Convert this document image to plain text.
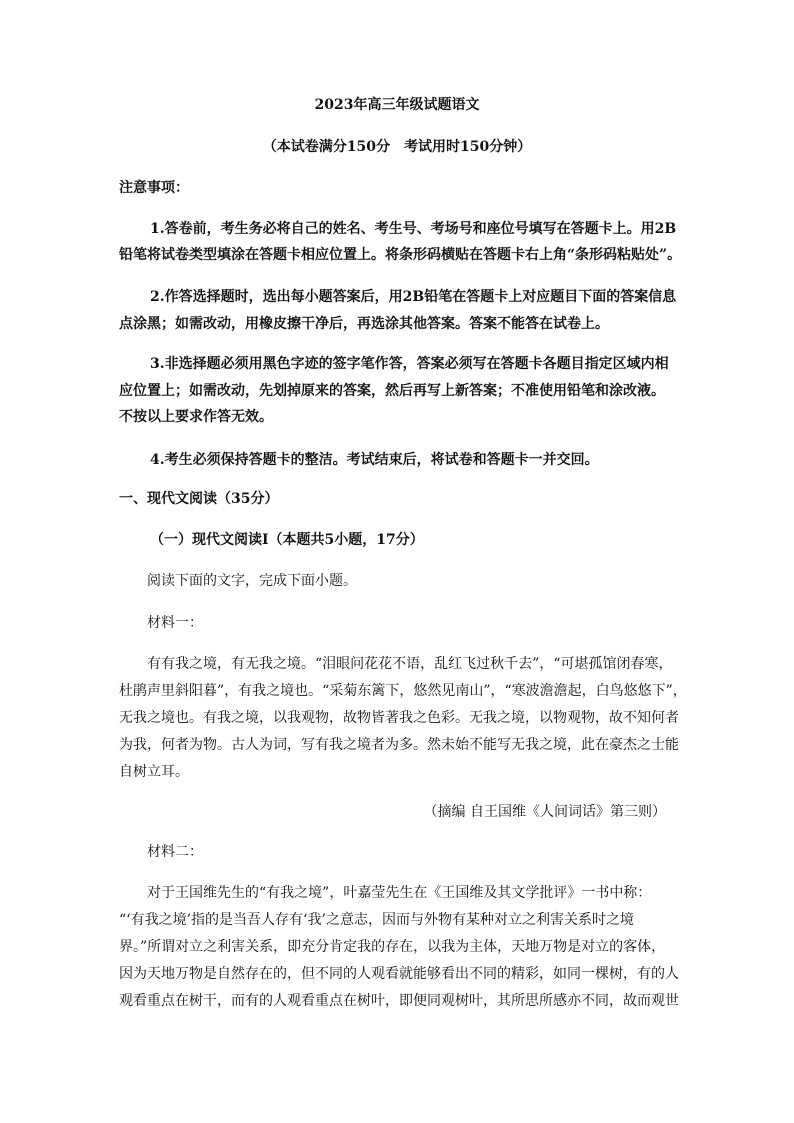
2023年高三年级试题语文
（本试卷满分150分　考试用时150分钟）
注意事项：
1.答卷前，考生务必将自己的姓名、考生号、考场号和座位号填写在答题卡上。用2B
铅笔将试卷类型填涂在答题卡相应位置上。将条形码横贴在答题卡右上角“条形码粘贴处”。
2.作答选择题时，选出每小题答案后，用2B铅笔在答题卡上对应题目下面的答案信息
点涂黑；如需改动，用橡皮擦干净后，再选涂其他答案。答案不能答在试卷上。
3.非选择题必须用黑色字迹的签字笔作答，答案必须写在答题卡各题目指定区域内相
应位置上；如需改动，先划掉原来的答案，然后再写上新答案；不准使用铅笔和涂改液。
不按以上要求作答无效。
4.考生必须保持答题卡的整洁。考试结束后，将试卷和答题卡一并交回。
一、现代文阅读（35分）
（一）现代文阅读Ⅰ（本题共5小题，17分）
阅读下面的文字，完成下面小题。
材料一：
有有我之境，有无我之境。“泪眼问花花不语，乱红飞过秋千去”，“可堪孤馆闭春寒，
杜鹃声里斜阳暮”，有我之境也。“采菊东篱下，悠然见南山”，“寒波澹澹起，白鸟悠悠下”，
无我之境也。有我之境，以我观物，故物皆著我之色彩。无我之境，以物观物，故不知何者
为我，何者为物。古人为词，写有我之境者为多。然未始不能写无我之境，此在豪杰之士能
自树立耳。
（摘编 自王国维《人间词话》第三则）
材料二：
对于王国维先生的“有我之境”，叶嘉莹先生在《王国维及其文学批评》一书中称：
“‘有我之境’指的是当吾人存有‘我’之意志，因而与外物有某种对立之利害关系时之境
界。”所谓对立之利害关系，即充分肯定我的存在，以我为主体，天地万物是对立的客体，
因为天地万物是自然存在的，但不同的人观看就能够看出不同的精彩，如同一棵树，有的人
观看重点在树干，而有的人观看重点在树叶，即便同观树叶，其所思所感亦不同，故而观世
